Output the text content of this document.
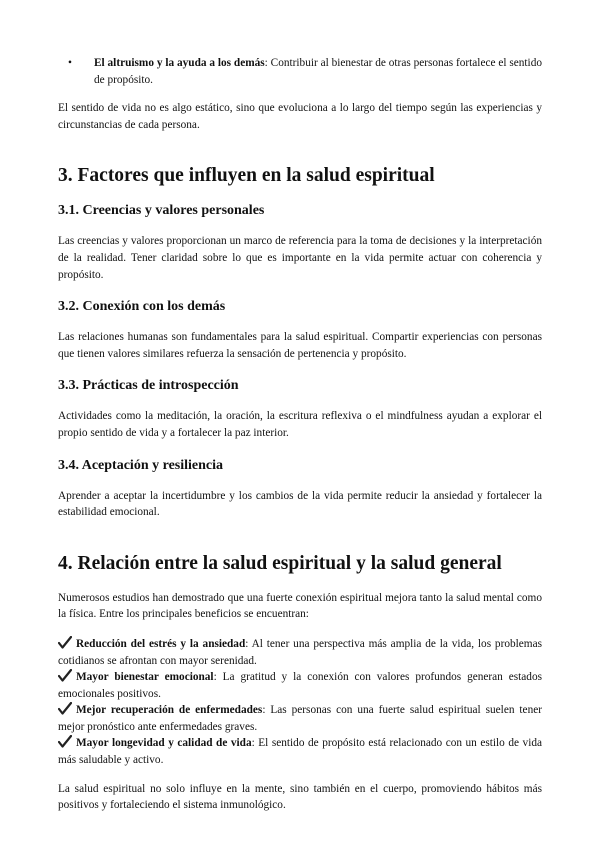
• El altruismo y la ayuda a los demás: Contribuir al bienestar de otras personas fortalece el sentido de propósito.

El sentido de vida no es algo estático, sino que evoluciona a lo largo del tiempo según las experiencias y circunstancias de cada persona.

3. Factores que influyen en la salud espiritual
3.1. Creencias y valores personales

Las creencias y valores proporcionan un marco de referencia para la toma de decisiones y la interpretación de la realidad. Tener claridad sobre lo que es importante en la vida permite actuar con coherencia y propósito.

3.2. Conexión con los demás

Las relaciones humanas son fundamentales para la salud espiritual. Compartir experiencias con personas que tienen valores similares refuerza la sensación de pertenencia y propósito.

3.3. Prácticas de introspección

Actividades como la meditación, la oración, la escritura reflexiva o el mindfulness ayudan a explorar el propio sentido de vida y a fortalecer la paz interior.

3.4. Aceptación y resiliencia

Aprender a aceptar la incertidumbre y los cambios de la vida permite reducir la ansiedad y fortalecer la estabilidad emocional.

4. Relación entre la salud espiritual y la salud general

Numerosos estudios han demostrado que una fuerte conexión espiritual mejora tanto la salud mental como la física. Entre los principales beneficios se encuentran:

Reducción del estrés y la ansiedad: Al tener una perspectiva más amplia de la vida, los problemas cotidianos se afrontan con mayor serenidad.

Mayor bienestar emocional: La gratitud y la conexión con valores profundos generan estados emocionales positivos.

Mejor recuperación de enfermedades: Las personas con una fuerte salud espiritual suelen tener mejor pronóstico ante enfermedades graves.

Mayor longevidad y calidad de vida: El sentido de propósito está relacionado con un estilo de vida más saludable y activo.

La salud espiritual no solo influye en la mente, sino también en el cuerpo, promoviendo hábitos más positivos y fortaleciendo el sistema inmunológico.
